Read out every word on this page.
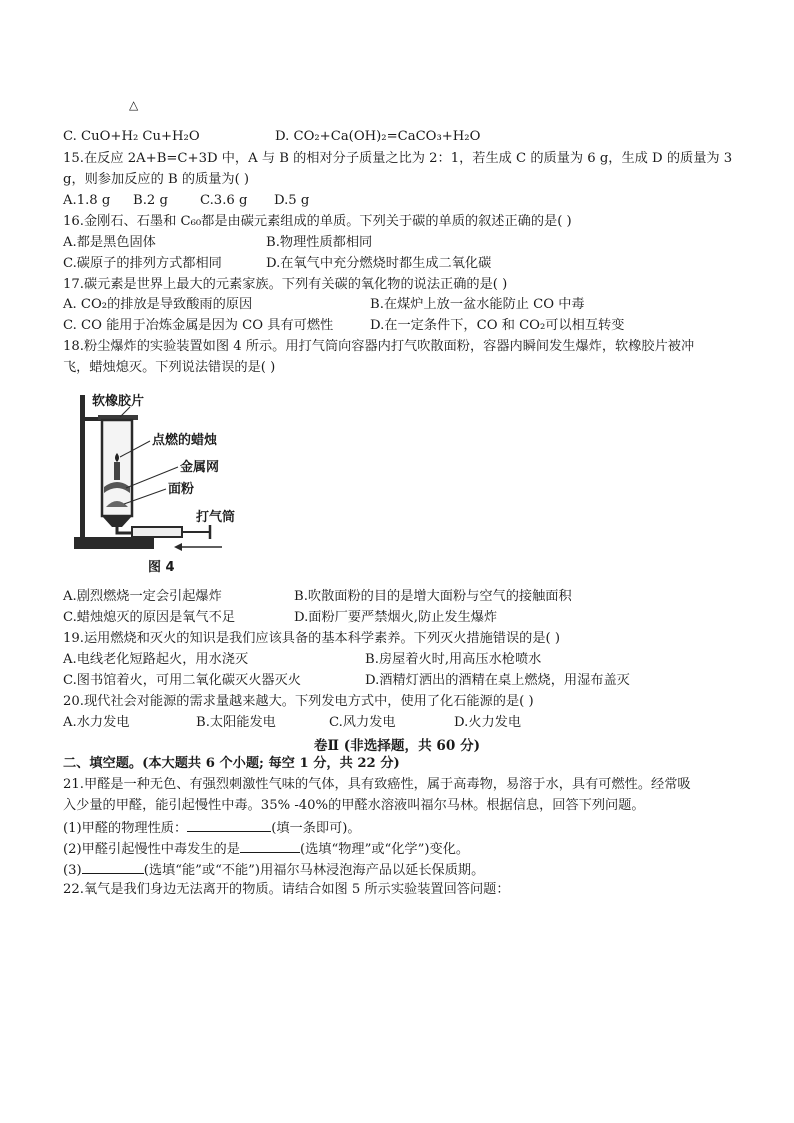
△
C. CuO+H₂ Cu+H₂O	D. CO₂+Ca(OH)₂=CaCO₃+H₂O
15.在反应 2A+B=C+3D 中，A 与 B 的相对分子质量之比为 2：1，若生成 C 的质量为 6 g，生成 D 的质量为 3
g，则参加反应的 B 的质量为( )
A.1.8 g B.2 g C.3.6 g D.5 g
16.金刚石、石墨和 C₆₀都是由碳元素组成的单质。下列关于碳的单质的叙述正确的是( )
A.都是黑色固体	B.物理性质都相同
C.碳原子的排列方式都相同	D.在氧气中充分燃烧时都生成二氧化碳
17.碳元素是世界上最大的元素家族。下列有关碳的氧化物的说法正确的是( )
A. CO₂的排放是导致酸雨的原因	B.在煤炉上放一盆水能防止 CO 中毒
C. CO 能用于冶炼金属是因为 CO 具有可燃性	D.在一定条件下，CO 和 CO₂可以相互转变
18.粉尘爆炸的实验装置如图 4 所示。用打气筒向容器内打气吹散面粉，容器内瞬间发生爆炸，软橡胶片被冲
飞，蜡烛熄灭。下列说法错误的是( )
软橡胶片
点燃的蜡烛
金属网
面粉
打气筒
图 4
A.剧烈燃烧一定会引起爆炸	B.吹散面粉的目的是增大面粉与空气的接触面积
C.蜡烛熄灭的原因是氧气不足	D.面粉厂要严禁烟火,防止发生爆炸
19.运用燃烧和灭火的知识是我们应该具备的基本科学素养。下列灭火措施错误的是( )
A.电线老化短路起火，用水浇灭	B.房屋着火时,用高压水枪喷水
C.图书馆着火，可用二氧化碳灭火器灭火	D.酒精灯洒出的酒精在桌上燃烧，用湿布盖灭
20.现代社会对能源的需求量越来越大。下列发电方式中，使用了化石能源的是( )
A.水力发电	B.太阳能发电	C.风力发电	D.火力发电
卷Ⅱ (非选择题，共 60 分)
二、填空题。(本大题共 6 个小题; 每空 1 分，共 22 分)
21.甲醛是一种无色、有强烈刺激性气味的气体，具有致癌性，属于高毒物，易溶于水，具有可燃性。经常吸
入少量的甲醛，能引起慢性中毒。35% -40%的甲醛水溶液叫福尔马林。根据信息，回答下列问题。
(1)甲醛的物理性质：	(填一条即可)。
(2)甲醛引起慢性中毒发生的是	(选填“物理”或“化学”)变化。
(3)	(选填“能”或“不能”)用福尔马林浸泡海产品以延长保质期。
22.氧气是我们身边无法离开的物质。请结合如图 5 所示实验装置回答问题：
